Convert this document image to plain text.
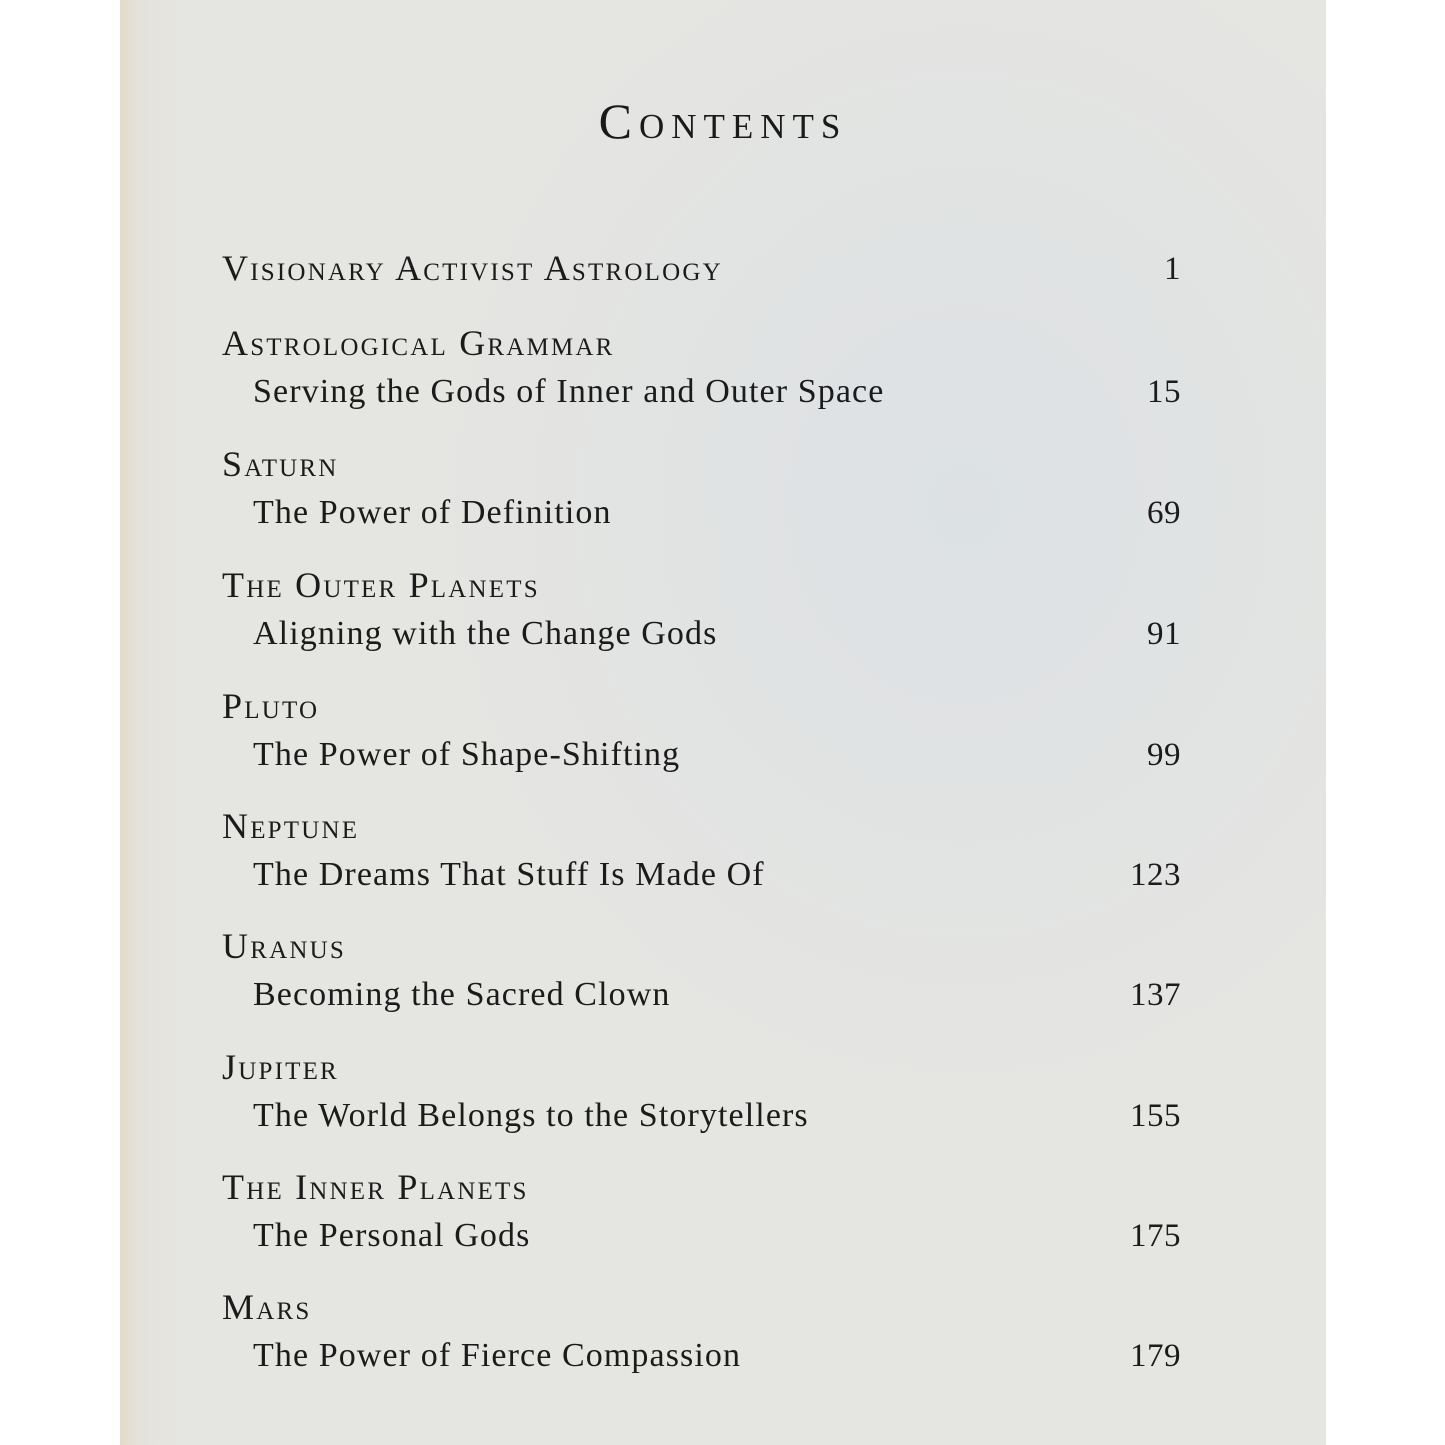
Contents
Visionary Activist Astrology	1
Astrological Grammar
Serving the Gods of Inner and Outer Space	15
Saturn
The Power of Definition	69
The Outer Planets
Aligning with the Change Gods	91
Pluto
The Power of Shape-Shifting	99
Neptune
The Dreams That Stuff Is Made Of	123
Uranus
Becoming the Sacred Clown	137
Jupiter
The World Belongs to the Storytellers	155
The Inner Planets
The Personal Gods	175
Mars
The Power of Fierce Compassion	179
